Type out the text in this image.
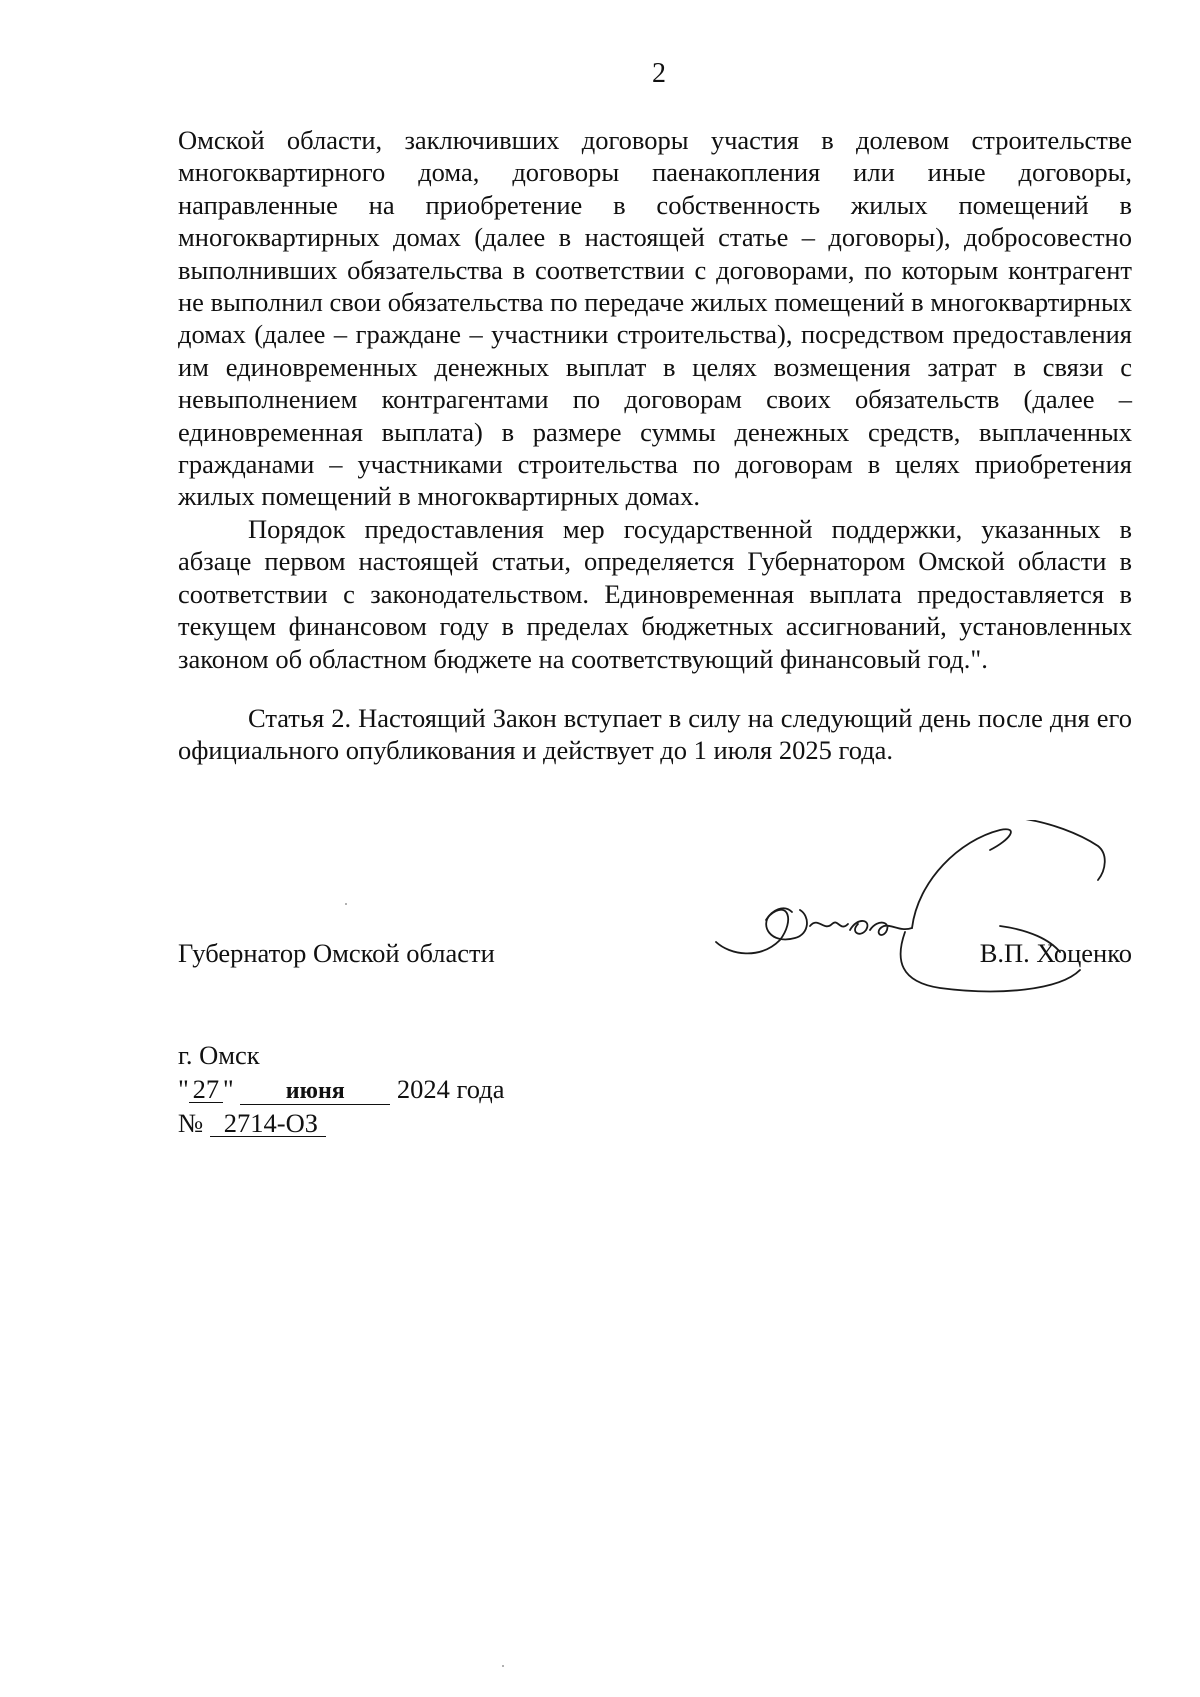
2

Омской области, заключивших договоры участия в долевом строительстве многоквартирного дома, договоры паенакопления или иные договоры, направленные на приобретение в собственность жилых помещений в многоквартирных домах (далее в настоящей статье – договоры), добросовестно выполнивших обязательства в соответствии с договорами, по которым контрагент не выполнил свои обязательства по передаче жилых помещений в многоквартирных домах (далее – граждане – участники строительства), посредством предоставления им единовременных денежных выплат в целях возмещения затрат в связи с невыполнением контрагентами по договорам своих обязательств (далее – единовременная выплата) в размере суммы денежных средств, выплаченных гражданами – участниками строительства по договорам в целях приобретения жилых помещений в многоквартирных домах.

Порядок предоставления мер государственной поддержки, указанных в абзаце первом настоящей статьи, определяется Губернатором Омской области в соответствии с законодательством. Единовременная выплата предоставляется в текущем финансовом году в пределах бюджетных ассигнований, установленных законом об областном бюджете на соответствующий финансовый год.".

Статья 2. Настоящий Закон вступает в силу на следующий день после дня его официального опубликования и действует до 1 июля 2025 года.

Губернатор Омской области	В.П. Хоценко
г. Омск
" 27 " июня 2024 года
№ 2714-ОЗ
